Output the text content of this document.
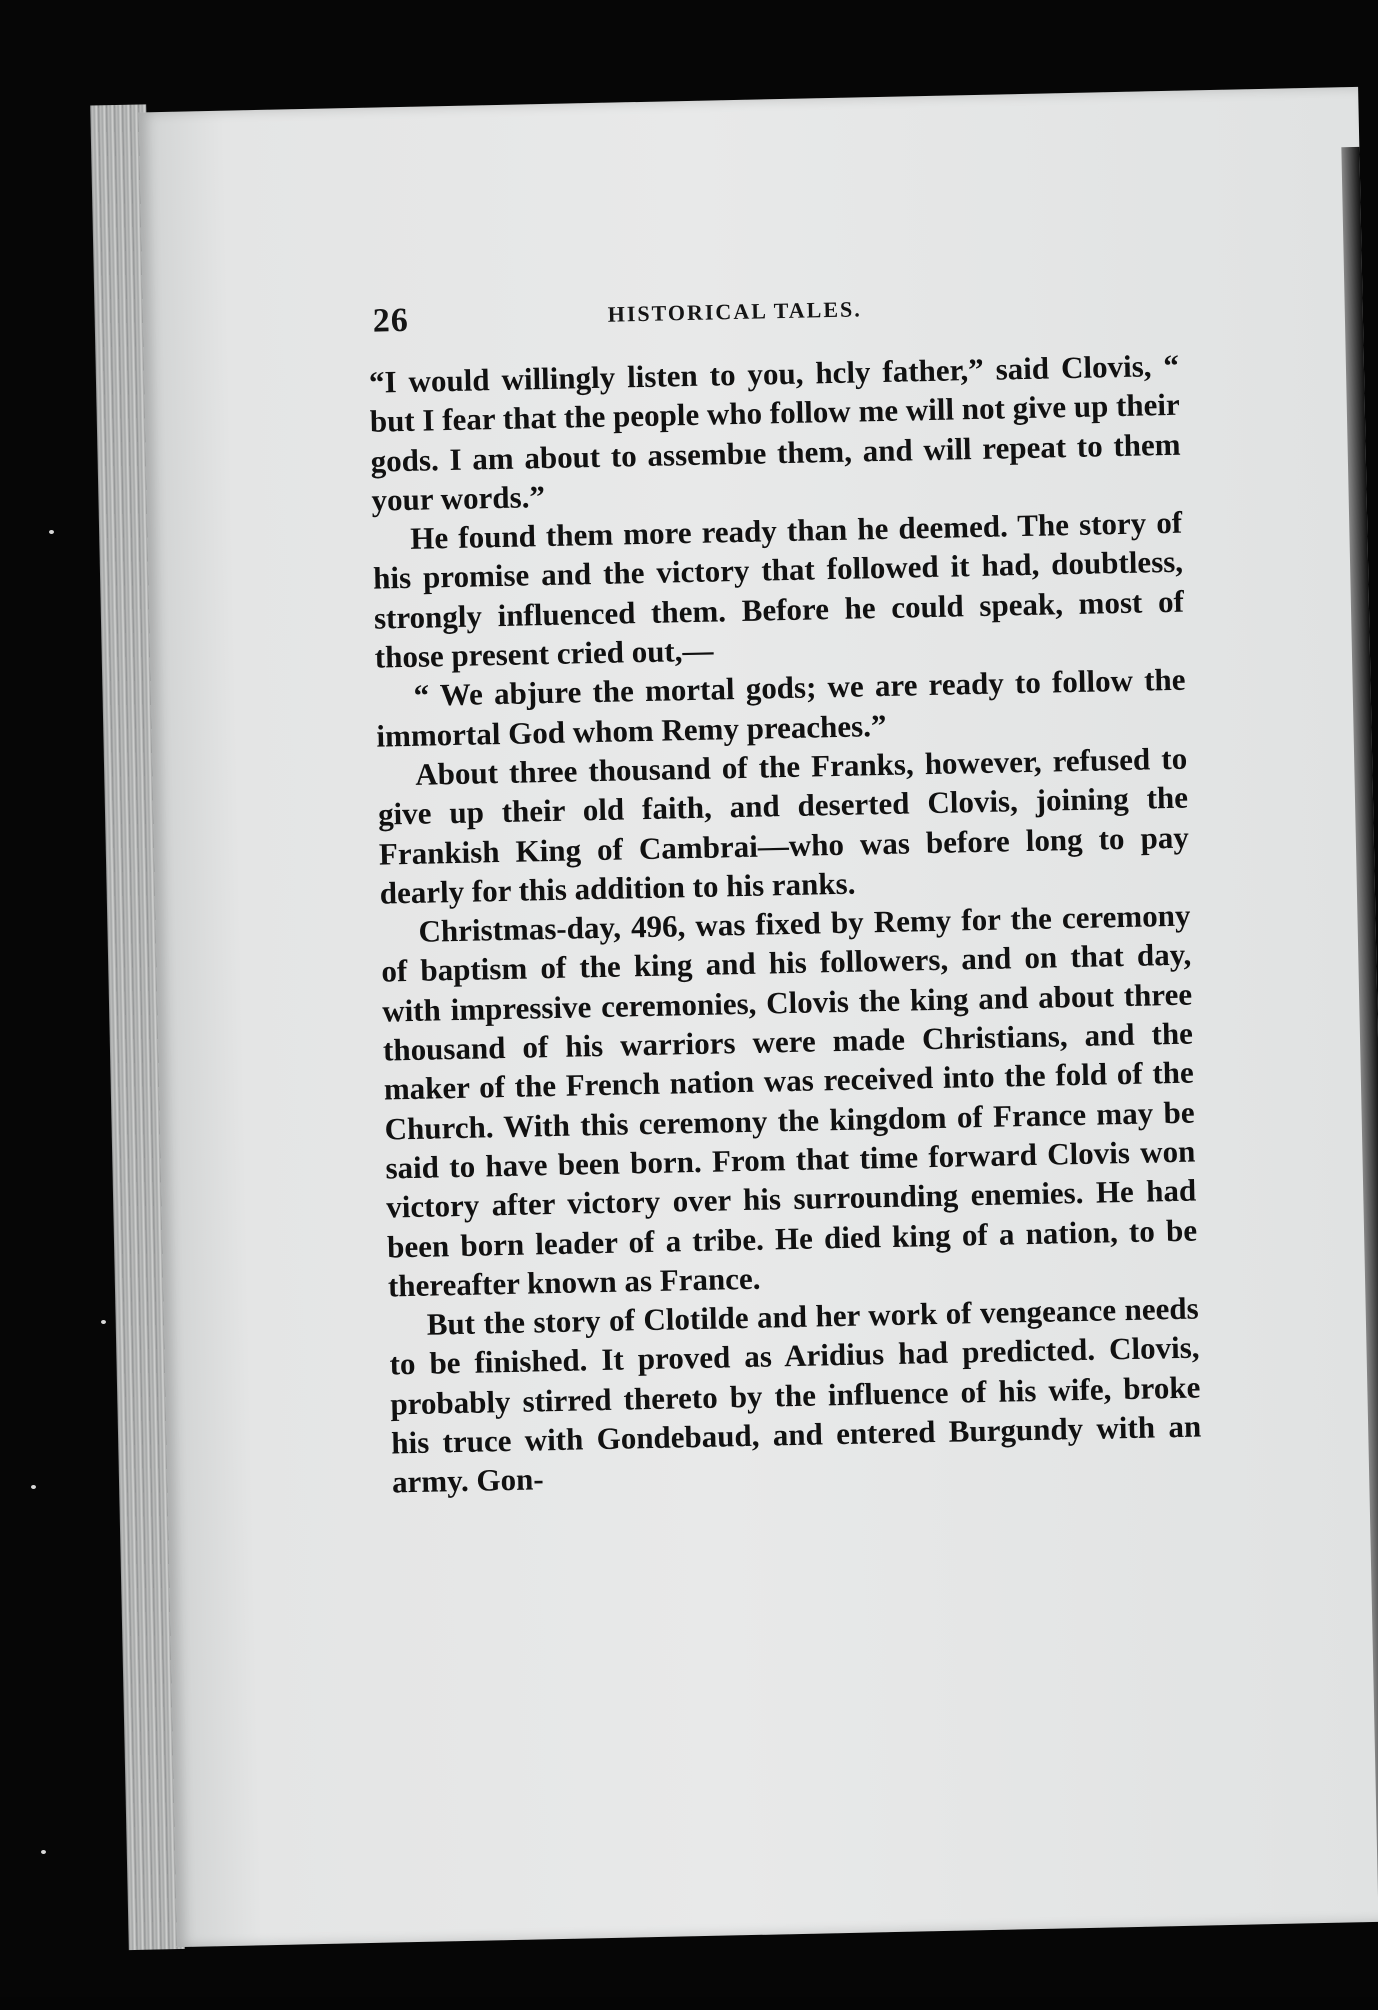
26	HISTORICAL TALES.

“I would willingly listen to you, hcly father,” said Clovis, “ but I fear that the people who follow me will not give up their gods. I am about to assembıe them, and will repeat to them your words.”

He found them more ready than he deemed. The story of his promise and the victory that followed it had, doubtless, strongly influenced them. Before he could speak, most of those present cried out,—

“ We abjure the mortal gods; we are ready to follow the immortal God whom Remy preaches.”

About three thousand of the Franks, however, refused to give up their old faith, and deserted Clovis, joining the Frankish King of Cambrai—who was before long to pay dearly for this addition to his ranks.

Christmas-day, 496, was fixed by Remy for the ceremony of baptism of the king and his followers, and on that day, with impressive ceremonies, Clovis the king and about three thousand of his warriors were made Christians, and the maker of the French nation was received into the fold of the Church. With this ceremony the kingdom of France may be said to have been born. From that time forward Clovis won victory after victory over his surrounding enemies. He had been born leader of a tribe. He died king of a nation, to be thereafter known as France.

But the story of Clotilde and her work of vengeance needs to be finished. It proved as Aridius had predicted. Clovis, probably stirred thereto by the influence of his wife, broke his truce with Gondebaud, and entered Burgundy with an army. Gon-
